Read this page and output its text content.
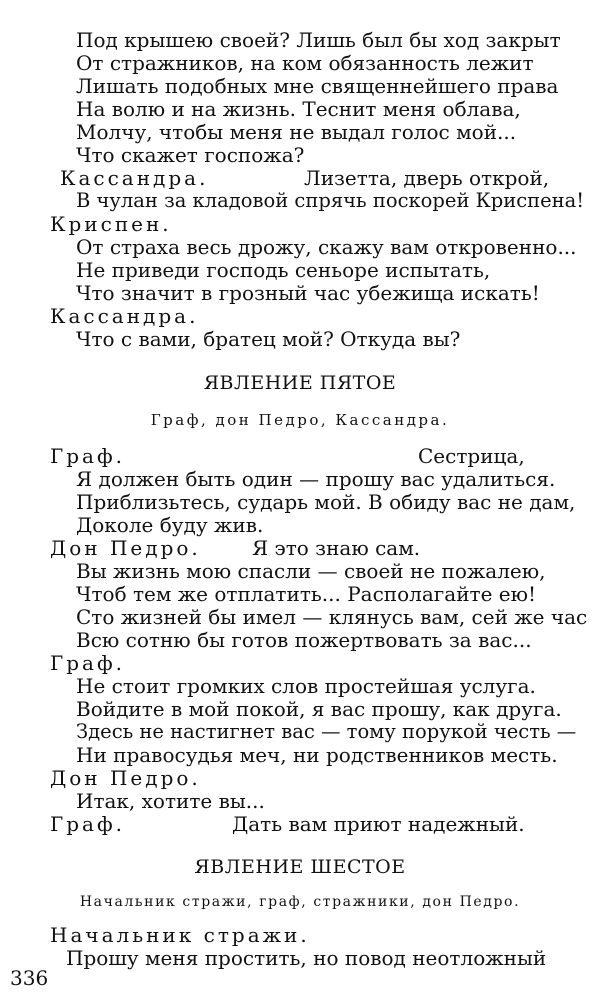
Под крышею своей? Лишь был бы ход закрыт
От стражников, на ком обязанность лежит
Лишать подобных мне священнейшего права
На волю и на жизнь. Теснит меня облава,
Молчу, чтобы меня не выдал голос мой...
Что скажет госпожа?
Кассандра.	Лизетта, дверь открой,
В чулан за кладовой спрячь поскорей Криспена!
Криспен.
От страха весь дрожу, скажу вам откровенно...
Не приведи господь сеньоре испытать,
Что значит в грозный час убежища искать!
Кассандра.
Что с вами, братец мой? Откуда вы?
ЯВЛЕНИЕ ПЯТОЕ
Граф, дон Педро, Кассандра.
Граф.	Сестрица,
Я должен быть один — прошу вас удалиться.
Приблизьтесь, сударь мой. В обиду вас не дам,
Доколе буду жив.
Дон Педро.	Я это знаю сам.
Вы жизнь мою спасли — своей не пожалею,
Чтоб тем же отплатить... Располагайте ею!
Сто жизней бы имел — клянусь вам, сей же час
Всю сотню бы готов пожертвовать за вас...
Граф.
Не стоит громких слов простейшая услуга.
Войдите в мой покой, я вас прошу, как друга.
Здесь не настигнет вас — тому порукой честь —
Ни правосудья меч, ни родственников месть.
Дон Педро.
Итак, хотите вы...
Граф.	Дать вам приют надежный.
ЯВЛЕНИЕ ШЕСТОЕ
Начальник стражи, граф, стражники, дон Педро.
Начальник стражи.
Прошу меня простить, но повод неотложный
336
